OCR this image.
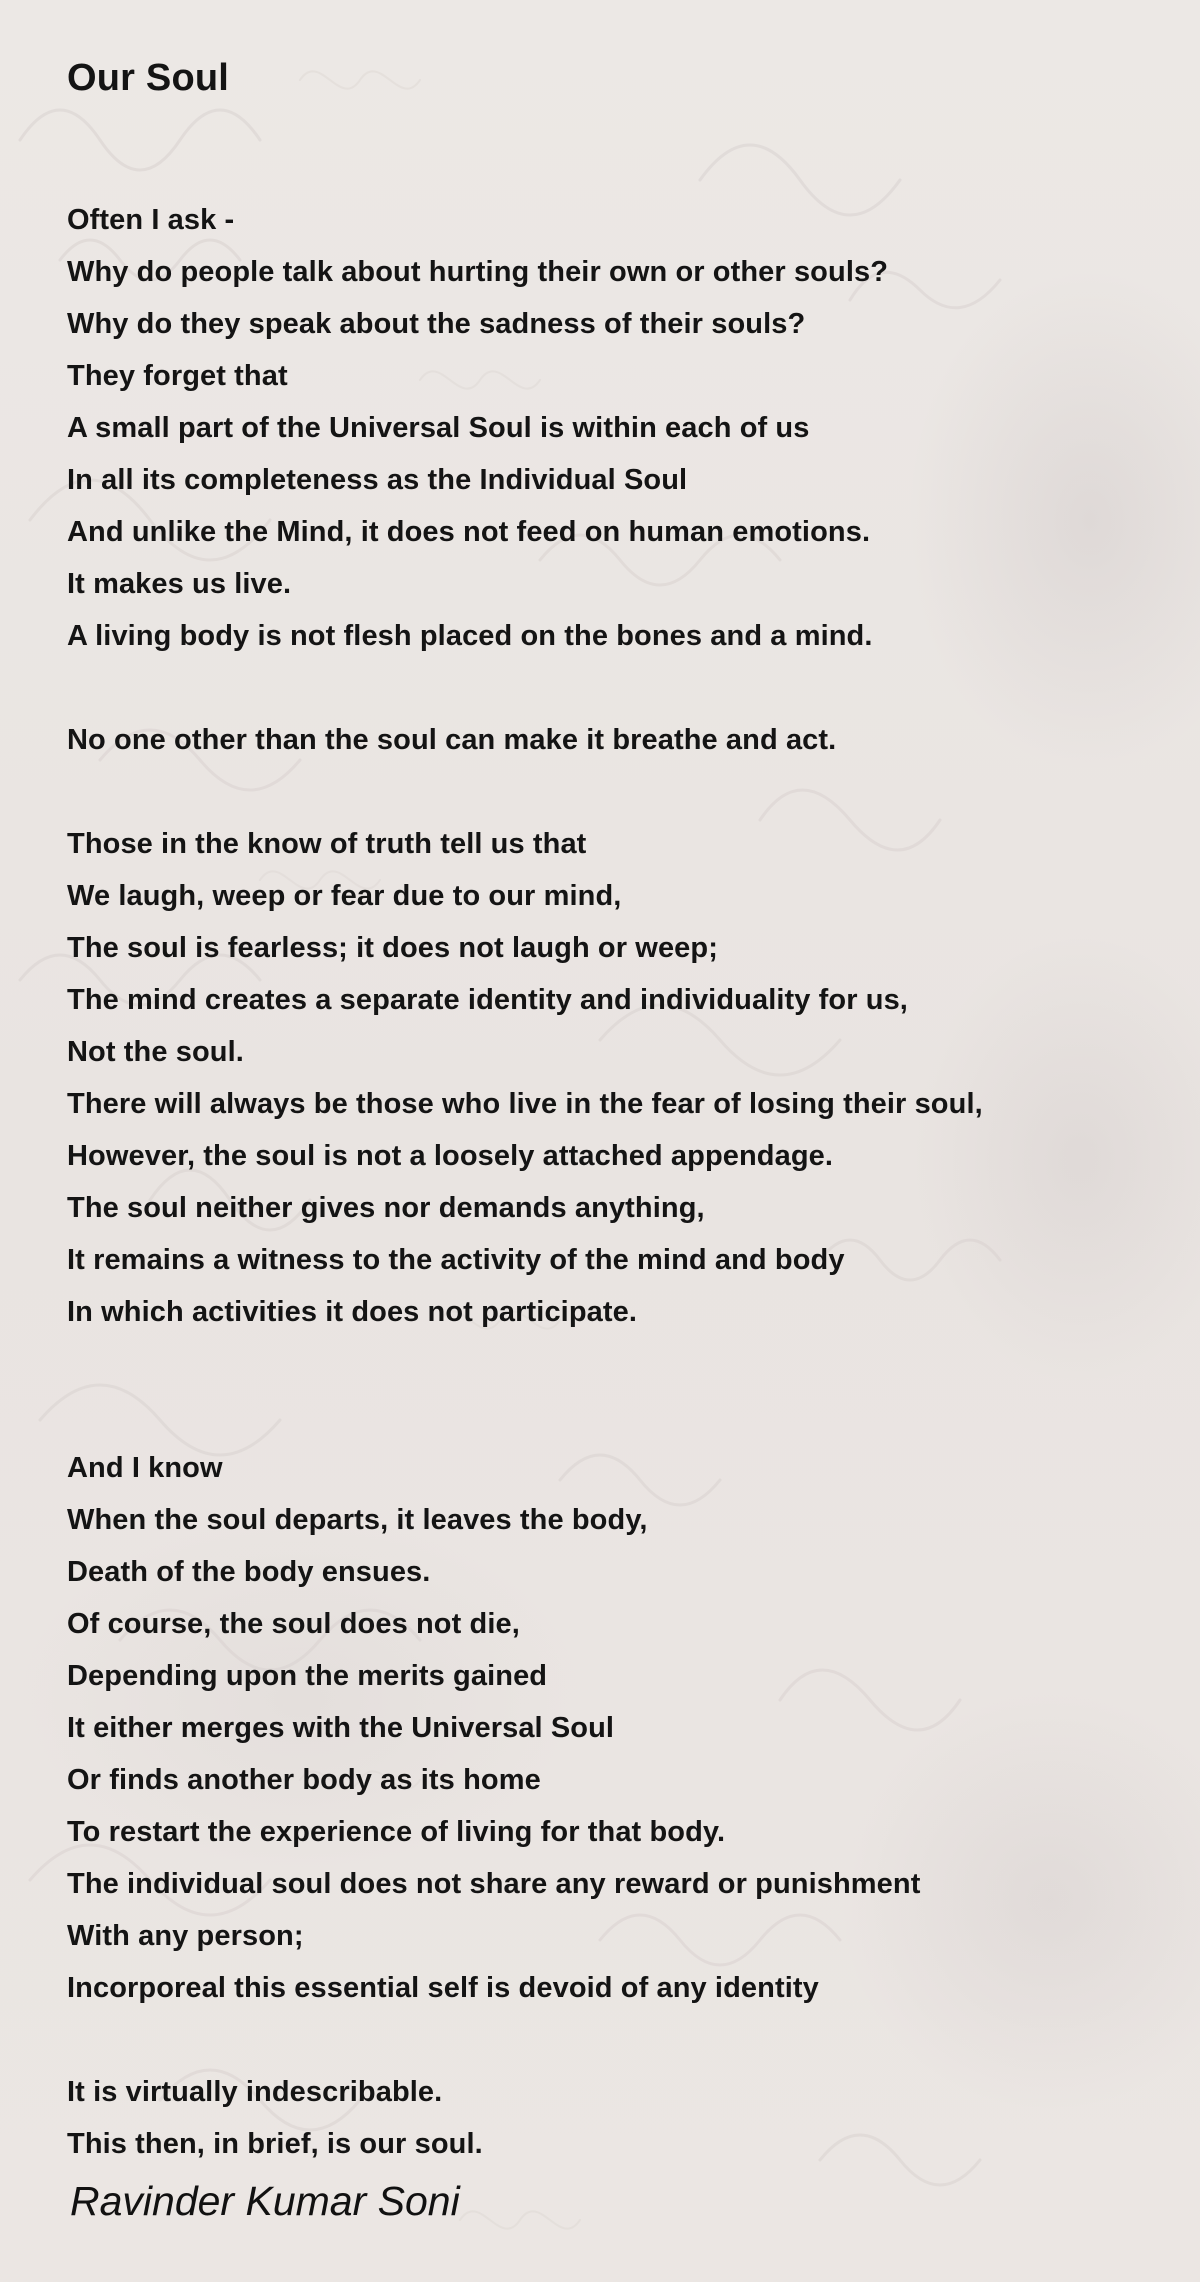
Our Soul
Often I ask -
Why do people talk about hurting their own or other souls?
Why do they speak about the sadness of their souls?
They forget that
A small part of the Universal Soul is within each of us
In all its completeness as the Individual Soul
And unlike the Mind, it does not feed on human emotions.
It makes us live.
A living body is not flesh placed on the bones and a mind.
No one other than the soul can make it breathe and act.
Those in the know of truth tell us that
We laugh, weep or fear due to our mind,
The soul is fearless; it does not laugh or weep;
The mind creates a separate identity and individuality for us,
Not the soul.
There will always be those who live in the fear of losing their soul,
However, the soul is not a loosely attached appendage.
The soul neither gives nor demands anything,
It remains a witness to the activity of the mind and body
In which activities it does not participate.
And I know
When the soul departs, it leaves the body,
Death of the body ensues.
Of course, the soul does not die,
Depending upon the merits gained
It either merges with the Universal Soul
Or finds another body as its home
To restart the experience of living for that body.
The individual soul does not share any reward or punishment
With any person;
Incorporeal this essential self is devoid of any identity
It is virtually indescribable.
This then, in brief, is our soul.
Ravinder Kumar Soni
